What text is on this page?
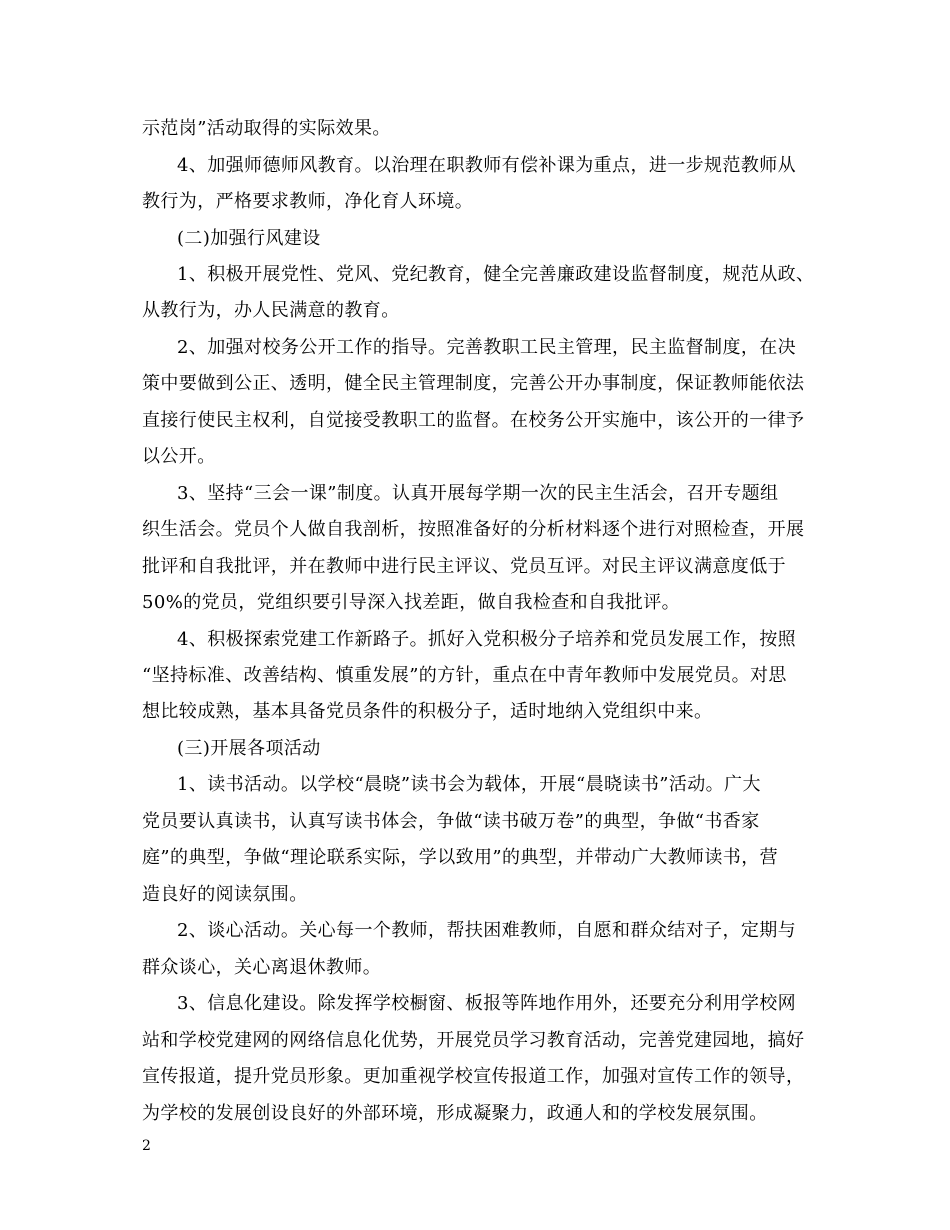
示范岗”活动取得的实际效果。
4、加强师德师风教育。以治理在职教师有偿补课为重点，进一步规范教师从
教行为，严格要求教师，净化育人环境。
(二)加强行风建设
1、积极开展党性、党风、党纪教育，健全完善廉政建设监督制度，规范从政、
从教行为，办人民满意的教育。
2、加强对校务公开工作的指导。完善教职工民主管理，民主监督制度，在决
策中要做到公正、透明，健全民主管理制度，完善公开办事制度，保证教师能依法
直接行使民主权利，自觉接受教职工的监督。在校务公开实施中，该公开的一律予
以公开。
3、坚持“三会一课”制度。认真开展每学期一次的民主生活会，召开专题组
织生活会。党员个人做自我剖析，按照准备好的分析材料逐个进行对照检查，开展
批评和自我批评，并在教师中进行民主评议、党员互评。对民主评议满意度低于
50%的党员，党组织要引导深入找差距，做自我检查和自我批评。
4、积极探索党建工作新路子。抓好入党积极分子培养和党员发展工作，按照
“坚持标准、改善结构、慎重发展”的方针，重点在中青年教师中发展党员。对思
想比较成熟，基本具备党员条件的积极分子，适时地纳入党组织中来。
(三)开展各项活动
1、读书活动。以学校“晨晓”读书会为载体，开展“晨晓读书”活动。广大
党员要认真读书，认真写读书体会，争做“读书破万卷”的典型，争做“书香家
庭”的典型，争做“理论联系实际，学以致用”的典型，并带动广大教师读书，营
造良好的阅读氛围。
2、谈心活动。关心每一个教师，帮扶困难教师，自愿和群众结对子，定期与
群众谈心，关心离退休教师。
3、信息化建设。除发挥学校橱窗、板报等阵地作用外，还要充分利用学校网
站和学校党建网的网络信息化优势，开展党员学习教育活动，完善党建园地，搞好
宣传报道，提升党员形象。更加重视学校宣传报道工作，加强对宣传工作的领导，
为学校的发展创设良好的外部环境，形成凝聚力，政通人和的学校发展氛围。
2
